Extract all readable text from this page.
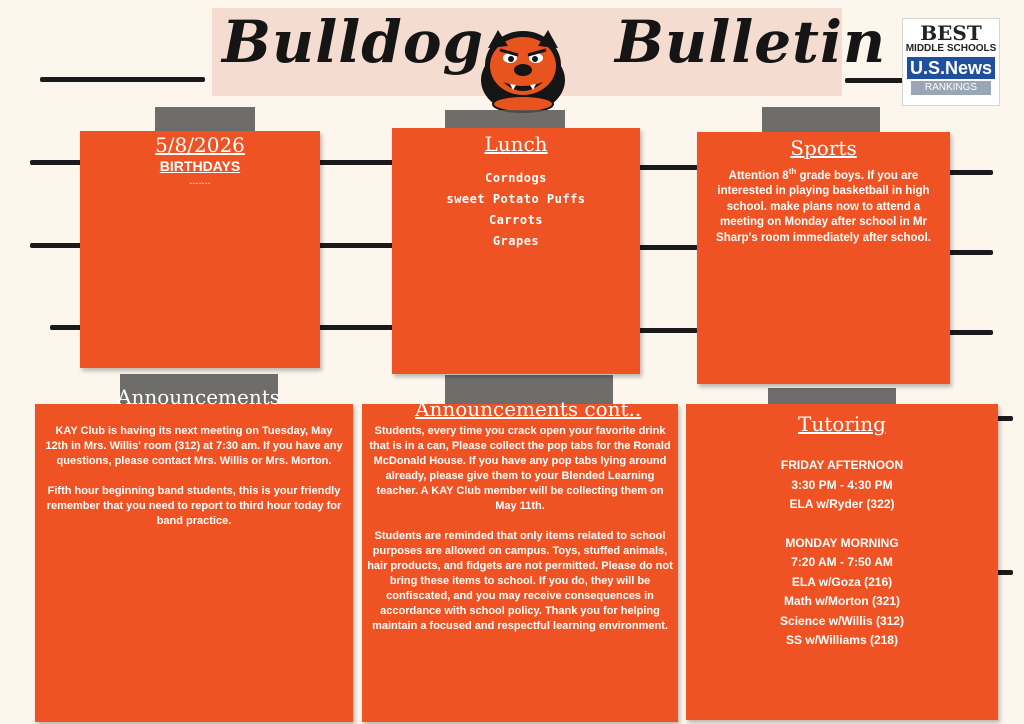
Bulldog Bulletin	BEST
MIDDLE SCHOOLS
U.S.News
RANKINGS
5/8/2026
BIRTHDAYS
.......
Lunch
Corndogs
sweet Potato Puffs
Carrots
Grapes
Sports

Attention 8th grade boys. If you are interested in playing basketball in high school. make plans now to attend a meeting on Monday after school in Mr Sharp's room immediately after school.

KAY Club is having its next meeting on Tuesday, May 12th in Mrs. Willis' room (312) at 7:30 am. If you have any questions, please contact Mrs. Willis or Mrs. Morton.

Fifth hour beginning band students, this is your friendly remember that you need to report to third hour today for band practice.

Announcements

Students, every time you crack open your favorite drink that is in a can, Please collect the pop tabs for the Ronald McDonald House. If you have any pop tabs lying around already, please give them to your Blended Learning teacher. A KAY Club member will be collecting them on May 11th.

Students are reminded that only items related to school purposes are allowed on campus. Toys, stuffed animals, hair products, and fidgets are not permitted. Please do not bring these items to school. If you do, they will be confiscated, and you may receive consequences in accordance with school policy. Thank you for helping maintain a focused and respectful learning environment.

Announcements cont..
Tutoring
FRIDAY AFTERNOON
3:30 PM - 4:30 PM
ELA w/Ryder (322)
MONDAY MORNING
7:20 AM - 7:50 AM
ELA w/Goza (216)
Math w/Morton (321)
Science w/Willis (312)
SS w/Williams (218)
